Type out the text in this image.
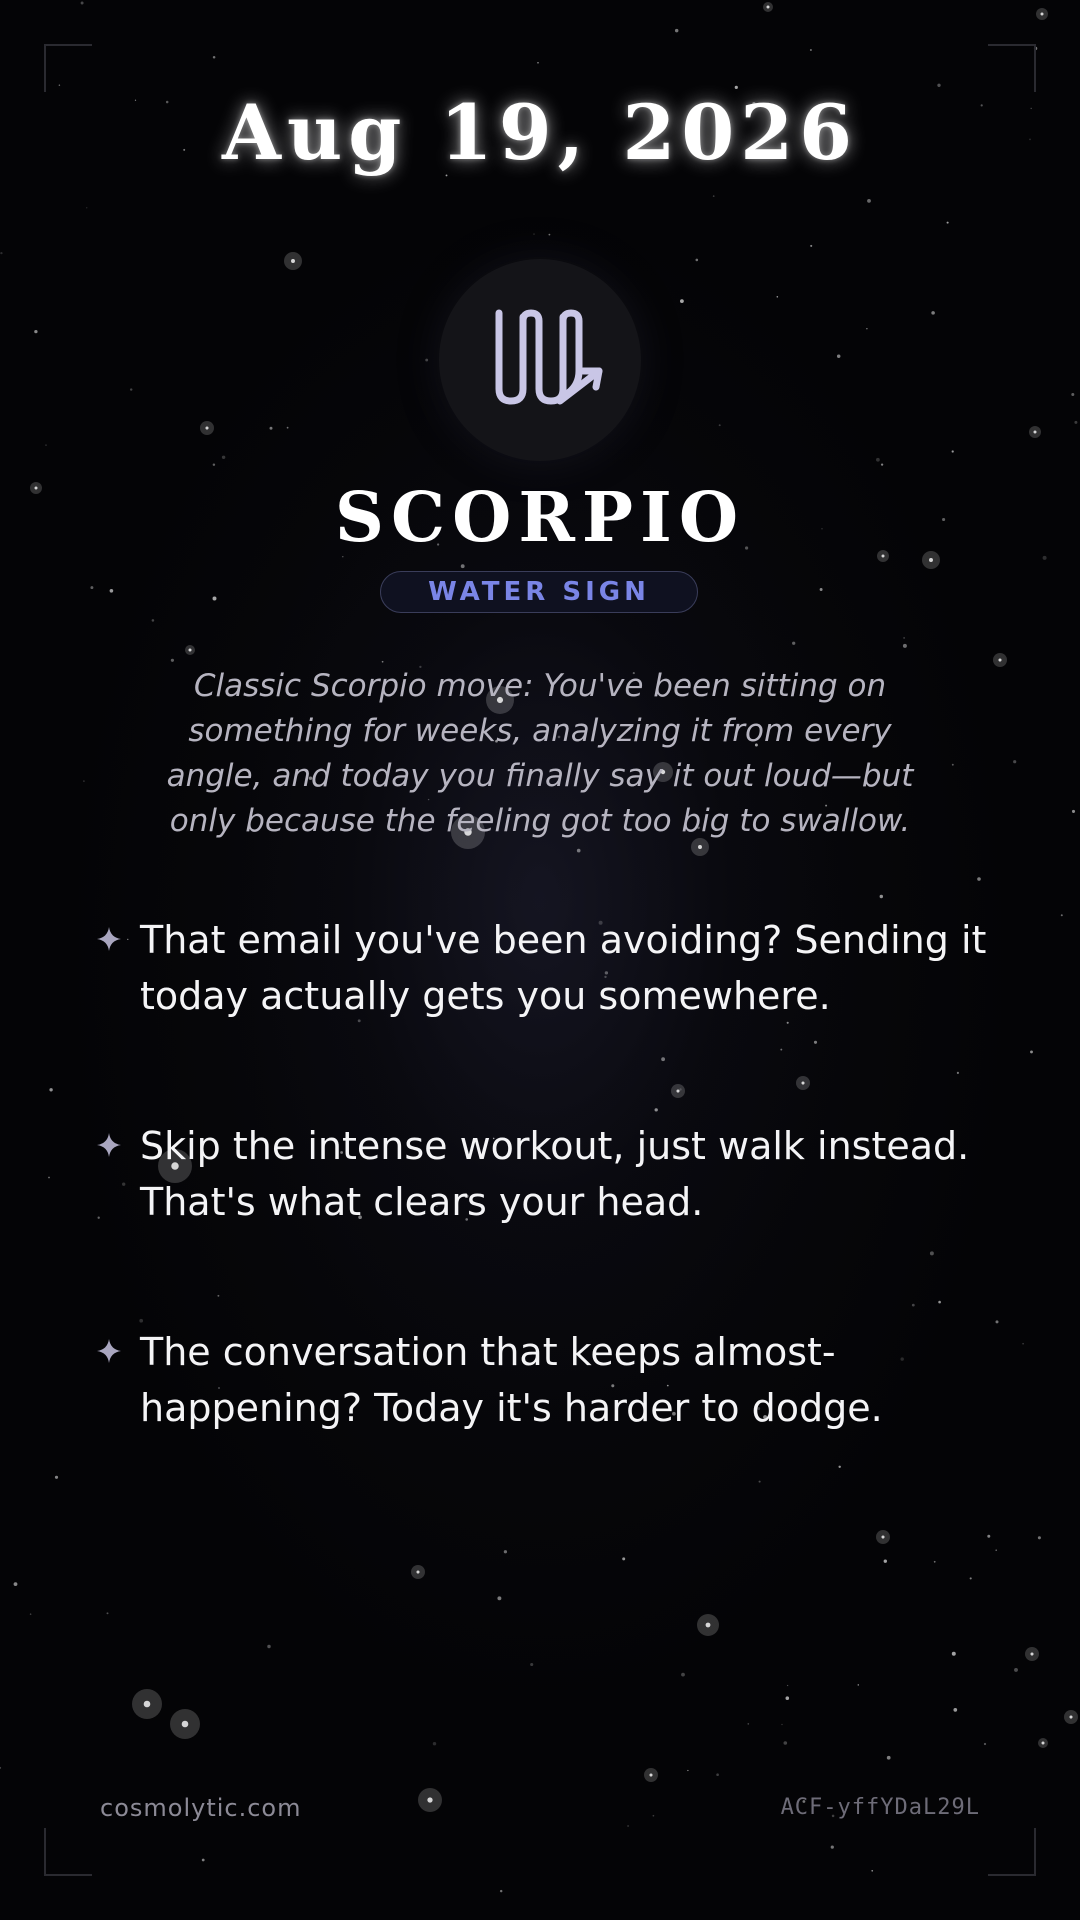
Aug 19, 2026
SCORPIO
WATER SIGN
Classic Scorpio move: You've been sitting on something for weeks, analyzing it from every angle, and today you finally say it out loud—but only because the feeling got too big to swallow.
That email you've been avoiding? Sending it today actually gets you somewhere.
Skip the intense workout, just walk instead. That's what clears your head.
The conversation that keeps almost-happening? Today it's harder to dodge.
cosmolytic.com	ACF-yffYDaL29L
